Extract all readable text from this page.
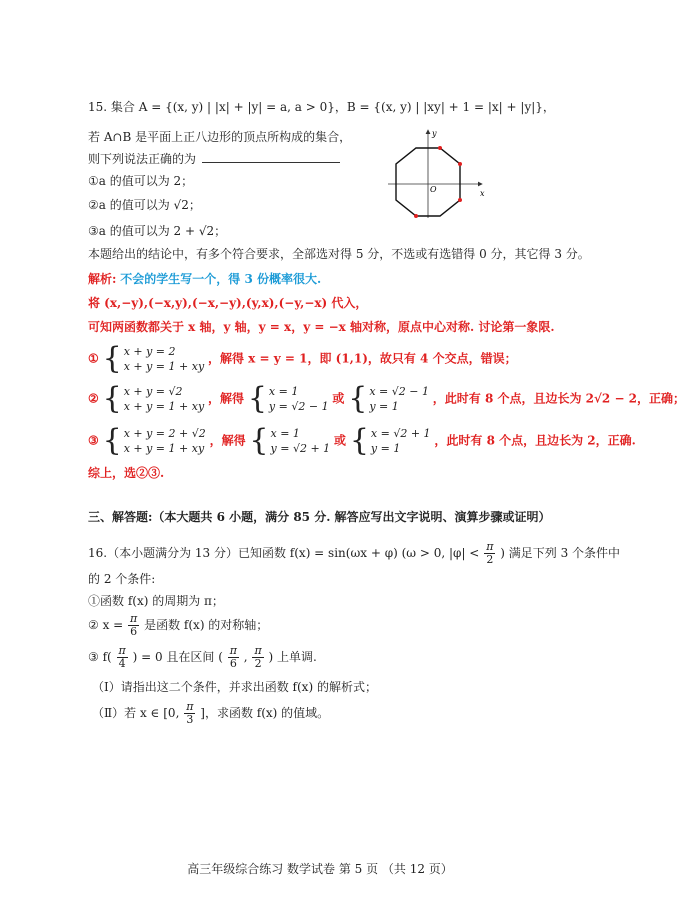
15. 集合 A = {(x, y) | |x| + |y| = a, a > 0}，B = {(x, y) | |xy| + 1 = |x| + |y|}，
若 A∩B 是平面上正八边形的顶点所构成的集合，
则下列说法正确的为
①a 的值可以为 2；
②a 的值可以为 √2；
③a 的值可以为 2 + √2；
x
y
O
本题给出的结论中，有多个符合要求，全部选对得 5 分，不选或有选错得 0 分，其它得 3 分。
解析: 不会的学生写一个，得 3 份概率很大.
将 (x,−y),(−x,y),(−x,−y),(y,x),(−y,−x) 代入，
可知两函数都关于 x 轴，y 轴，y = x，y = −x 轴对称，原点中心对称. 讨论第一象限.
① { x + y = 2
x + y = 1 + xy
，解得 x = y = 1，即 (1,1)，故只有 4 个交点，错误；
② { x + y = √2
x + y = 1 + xy
，解得 { x = 1
y = √2 − 1
或 { x = √2 − 1
y = 1
，此时有 8 个点，且边长为 2√2 − 2，正确；
③ { x + y = 2 + √2
x + y = 1 + xy
，解得 { x = 1
y = √2 + 1
或 { x = √2 + 1
y = 1
，此时有 8 个点，且边长为 2，正确.
综上，选②③.
三、解答题:（本大题共 6 小题，满分 85 分. 解答应写出文字说明、演算步骤或证明）
16.（本小题满分为 13 分）已知函数 f(x) = sin(ωx + φ) (ω > 0, $|\varphi| < \frac{\pi}{2}$ ) 满足下列 3 个条件中
的 2 个条件:
①函数 f(x) 的周期为 π；
② $x = \frac{\pi}{6}$ 是函数 f(x) 的对称轴；
③ $f( \frac{\pi}{4}$ ) = 0 且在区间 ( $\frac{\pi}{6}$ , $\frac{\pi}{2}$ ) 上单调.
（Ⅰ）请指出这二个条件，并求出函数 f(x) 的解析式；
（Ⅱ）若 x ∈ [0, $\frac{\pi}{3}$ ]，求函数 f(x) 的值域。
高三年级综合练习 数学试卷 第 5 页 （共 12 页）
